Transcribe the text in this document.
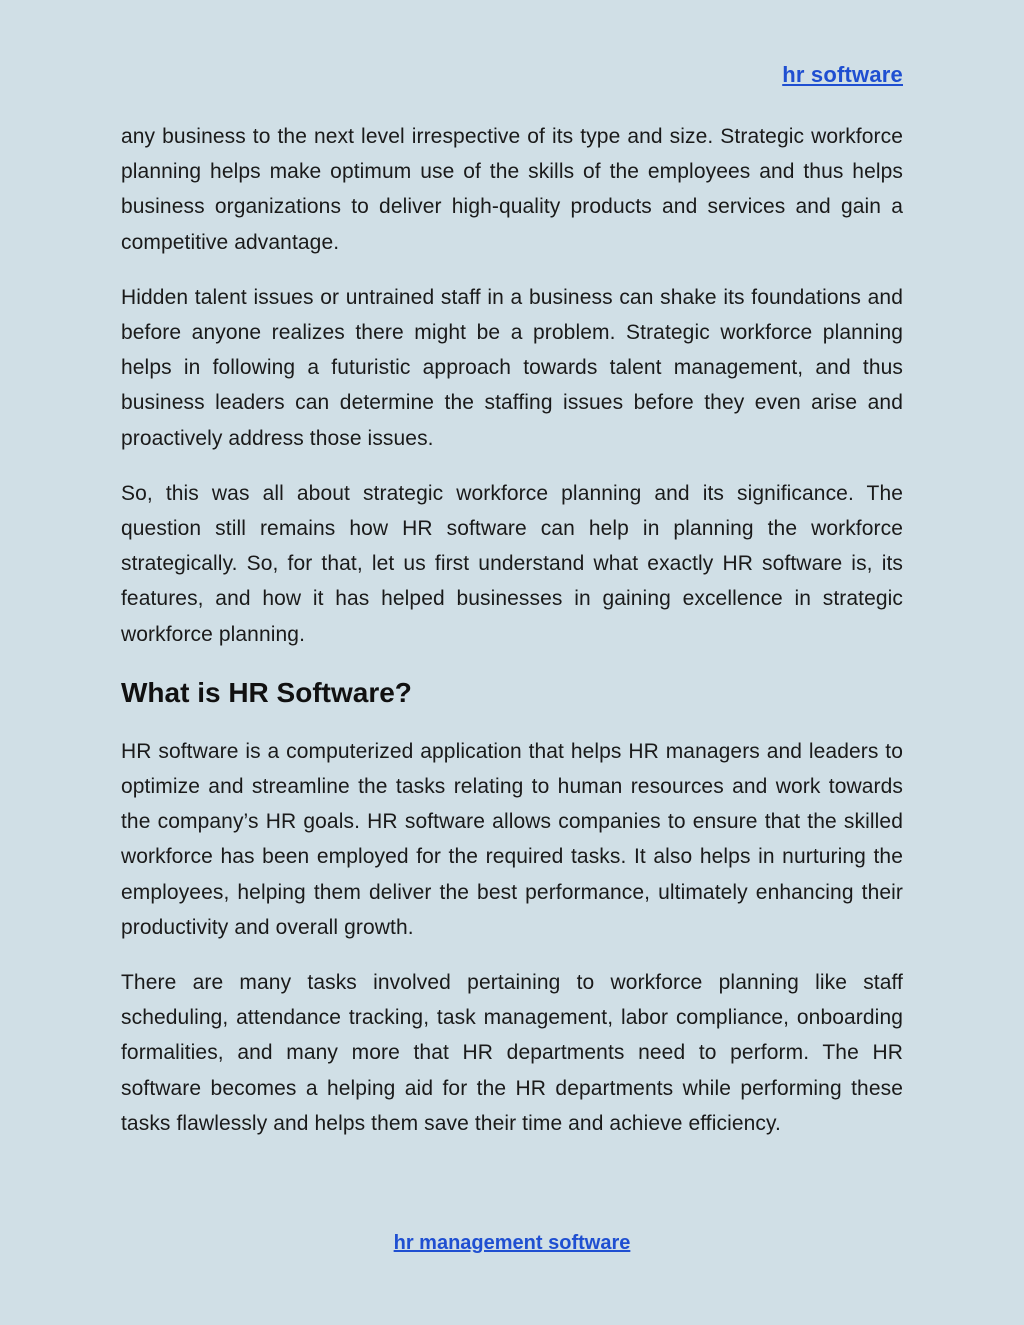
hr software

any business to the next level irrespective of its type and size. Strategic workforce planning helps make optimum use of the skills of the employees and thus helps business organizations to deliver high-quality products and services and gain a competitive advantage.

Hidden talent issues or untrained staff in a business can shake its foundations and before anyone realizes there might be a problem. Strategic workforce planning helps in following a futuristic approach towards talent management, and thus business leaders can determine the staffing issues before they even arise and proactively address those issues.

So, this was all about strategic workforce planning and its significance. The question still remains how HR software can help in planning the workforce strategically. So, for that, let us first understand what exactly HR software is, its features, and how it has helped businesses in gaining excellence in strategic workforce planning.

What is HR Software?

HR software is a computerized application that helps HR managers and leaders to optimize and streamline the tasks relating to human resources and work towards the company’s HR goals. HR software allows companies to ensure that the skilled workforce has been employed for the required tasks. It also helps in nurturing the employees, helping them deliver the best performance, ultimately enhancing their productivity and overall growth.

There are many tasks involved pertaining to workforce planning like staff scheduling, attendance tracking, task management, labor compliance, onboarding formalities, and many more that HR departments need to perform. The HR software becomes a helping aid for the HR departments while performing these tasks flawlessly and helps them save their time and achieve efficiency.

hr management software
